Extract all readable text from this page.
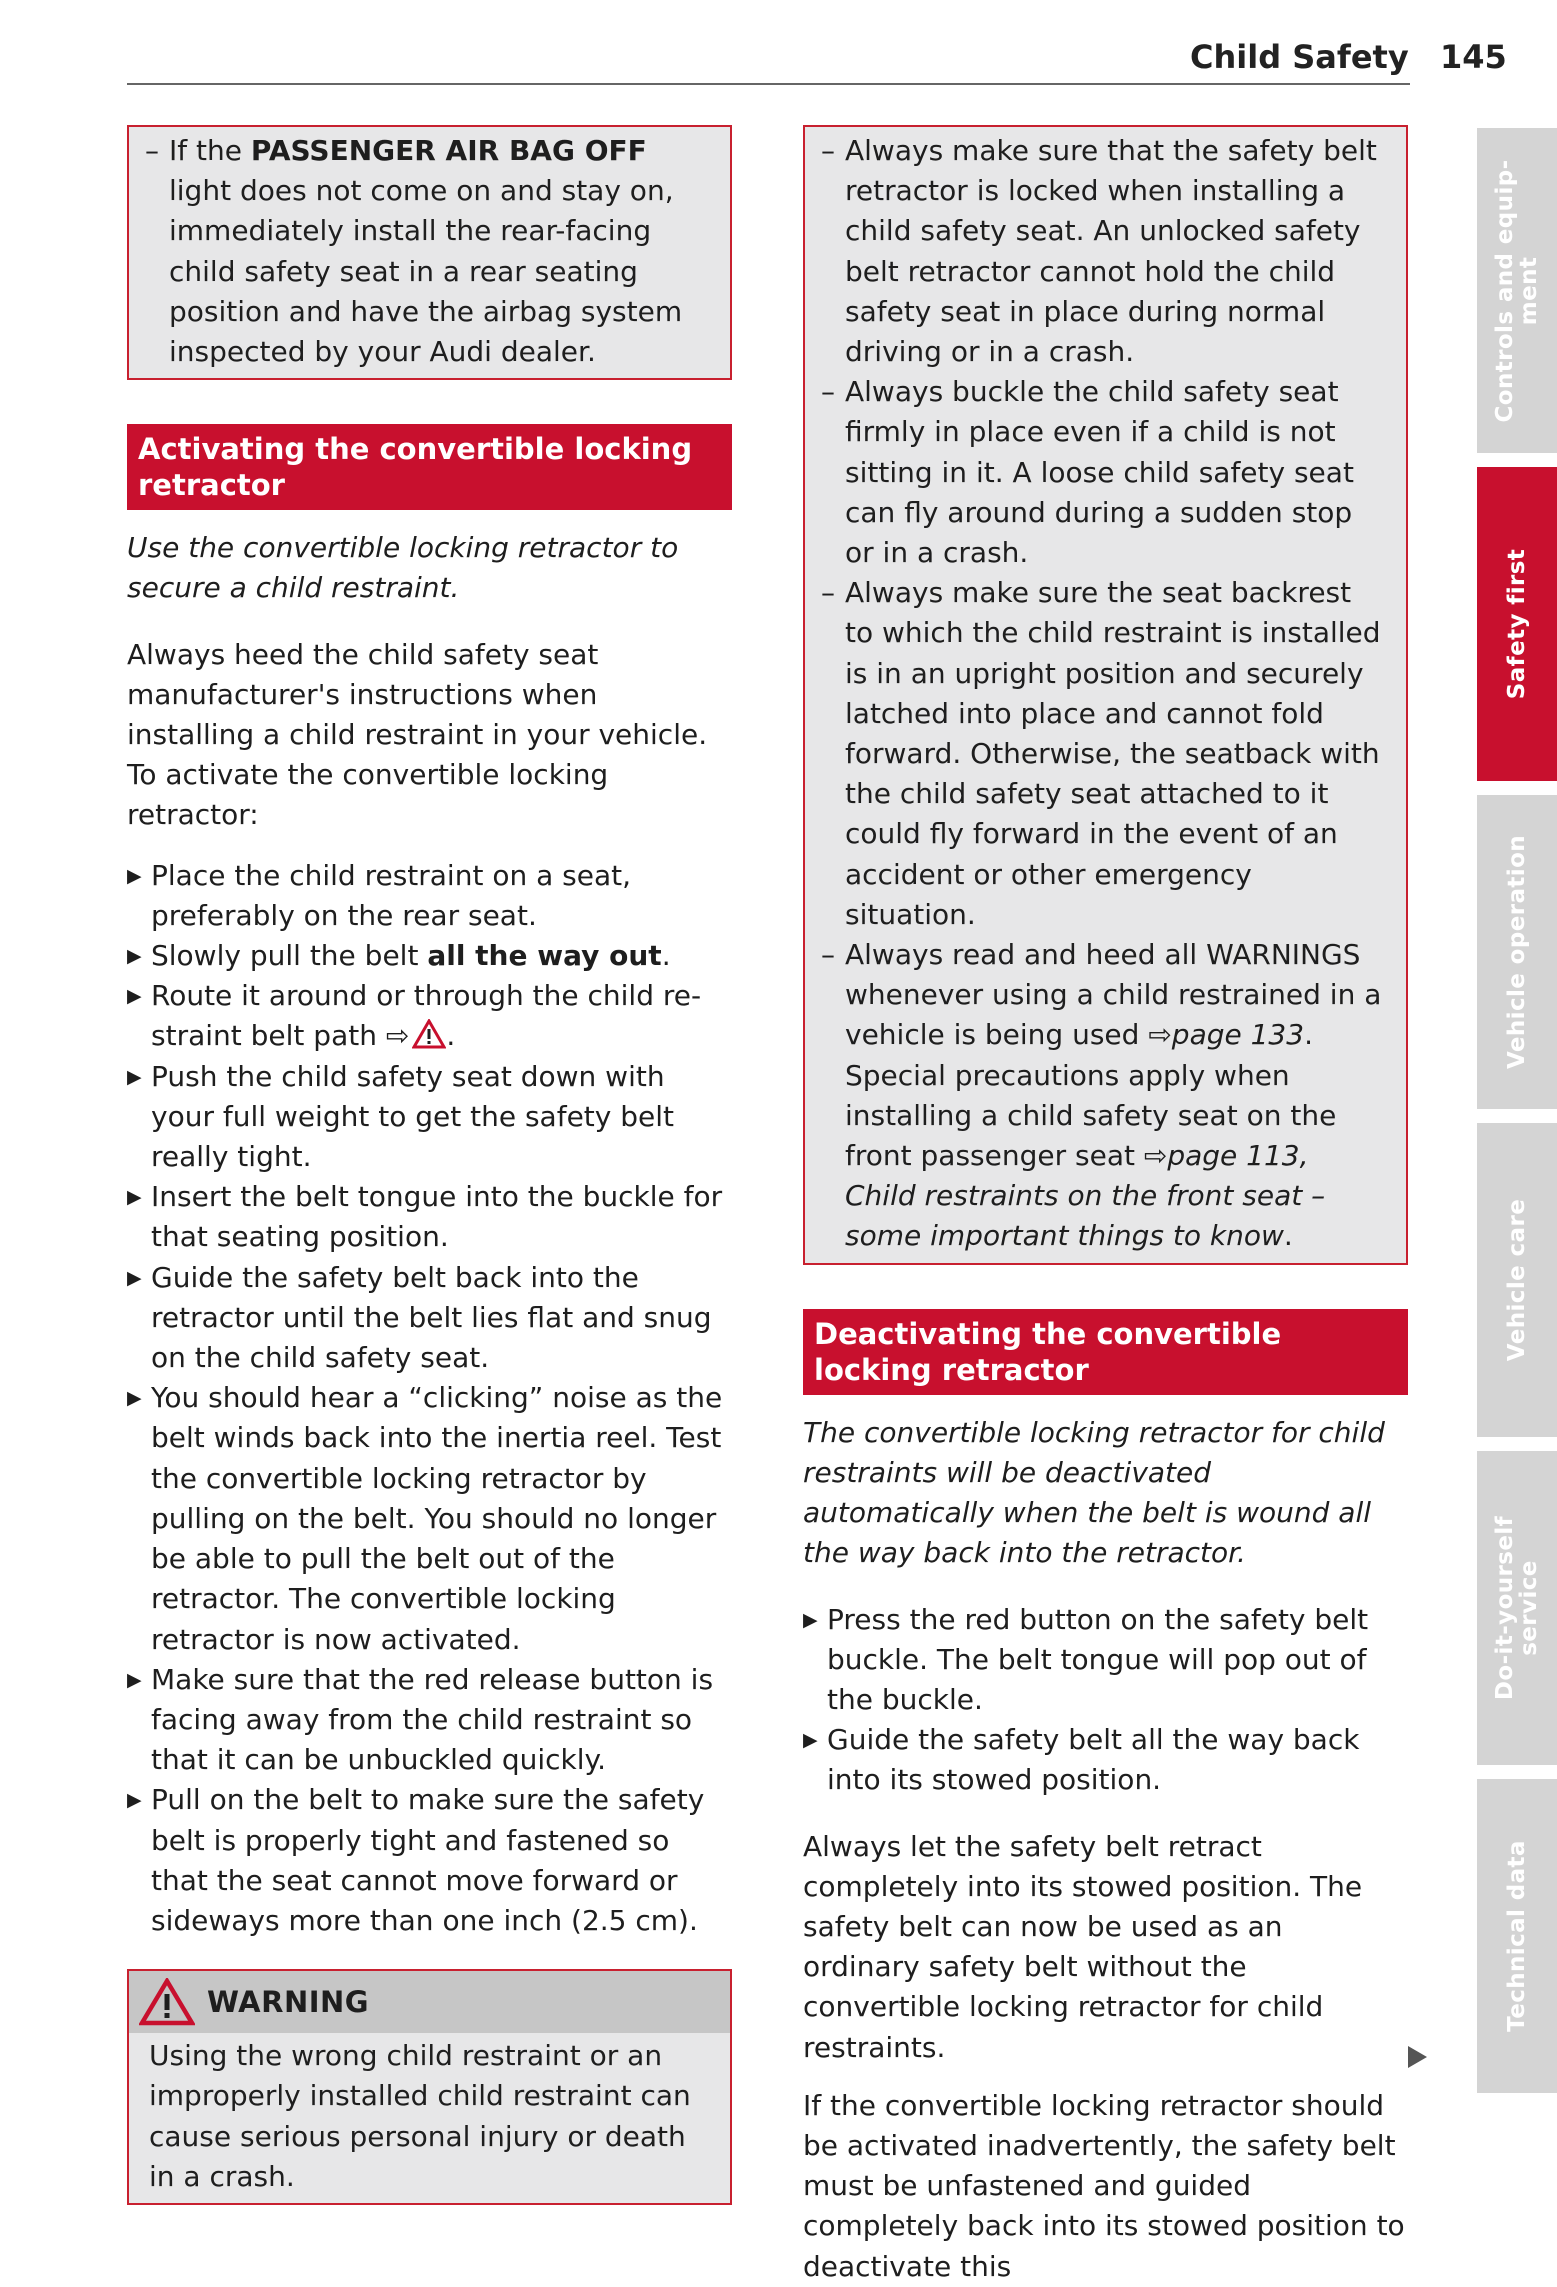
Child Safety 145
– If the PASSENGER AIR BAG OFF light does not come on and stay on, immediately install the rear-facing child safety seat in a rear seating position and have the airbag system inspected by your Audi dealer.
Activating the convertible locking retractor

Use the convertible locking retractor to secure a child restraint.

Always heed the child safety seat manufacturer's instructions when installing a child restraint in your vehicle. To activate the convertible locking retractor:

▶ Place the child restraint on a seat, preferably on the rear seat.
▶ Slowly pull the belt all the way out.
▶ Route it around or through the child restraint belt path ⇨ .
▶ Push the child safety seat down with your full weight to get the safety belt really tight.
▶ Insert the belt tongue into the buckle for that seating position.
▶ Guide the safety belt back into the retractor until the belt lies flat and snug on the child safety seat.
▶ You should hear a “clicking” noise as the belt winds back into the inertia reel. Test the convertible locking retractor by pulling on the belt. You should no longer be able to pull the belt out of the retractor. The convertible locking retractor is now activated.
▶ Make sure that the red release button is facing away from the child restraint so that it can be unbuckled quickly.
▶ Pull on the belt to make sure the safety belt is properly tight and fastened so that the seat cannot move forward or sideways more than one inch (2.5 cm).
WARNING
Using the wrong child restraint or an improperly installed child restraint can cause serious personal injury or death in a crash.
– Always make sure that the safety belt retractor is locked when installing a child safety seat. An unlocked safety belt retractor cannot hold the child safety seat in place during normal driving or in a crash.
– Always buckle the child safety seat firmly in place even if a child is not sitting in it. A loose child safety seat can fly around during a sudden stop or in a crash.
– Always make sure the seat backrest to which the child restraint is installed is in an upright position and securely latched into place and cannot fold forward. Otherwise, the seatback with the child safety seat attached to it could fly forward in the event of an accident or other emergency situation.
– Always read and heed all WARNINGS whenever using a child restrained in a vehicle is being used ⇨page 133. Special precautions apply when installing a child safety seat on the front passenger seat ⇨page 113, Child restraints on the front seat – some important things to know.
Deactivating the convertible locking retractor

The convertible locking retractor for child restraints will be deactivated automatically when the belt is wound all the way back into the retractor.

▶ Press the red button on the safety belt buckle. The belt tongue will pop out of the buckle.
▶ Guide the safety belt all the way back into its stowed position.

Always let the safety belt retract completely into its stowed position. The safety belt can now be used as an ordinary safety belt without the convertible locking retractor for child restraints.

If the convertible locking retractor should be activated inadvertently, the safety belt must be unfastened and guided completely back into its stowed position to deactivate this

Controls and equip-
ment
Safety first
Vehicle operation
Vehicle care
Do-it-yourself
service
Technical data
